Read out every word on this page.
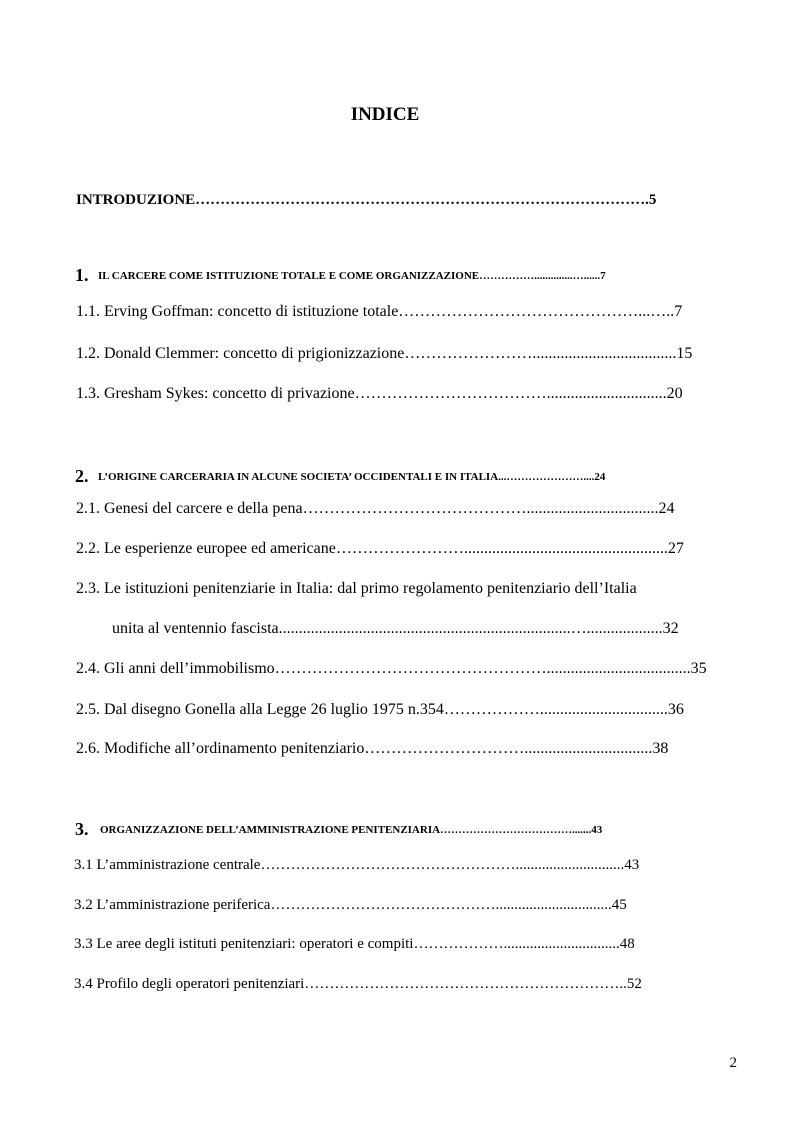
INDICE
INTRODUZIONE……………………………………………………………………………….5
1. IL CARCERE COME ISTITUZIONE TOTALE E COME ORGANIZZAZIONE……………..............…......7
1.1. Erving Goffman: concetto di istituzione totale………………………………………...…..7
1.2. Donald Clemmer: concetto di prigionizzazione……………………....................................15
1.3. Gresham Sykes: concetto di privazione………………………………..............................20
2. L’ORIGINE CARCERARIA IN ALCUNE SOCIETA’ OCCIDENTALI E IN ITALIA...…………………....24
2.1. Genesi del carcere e della pena…………………………………….................................24
2.2. Le esperienze europee ed americane……………………...................................................27
2.3. Le istituzioni penitenziarie in Italia: dal primo regolamento penitenziario dell’Italia
unita al ventennio fascista.........................................................................…...................32
2.4. Gli anni dell’immobilismo……………………………………………....................................35
2.5. Dal disegno Gonella alla Legge 26 luglio 1975 n.354………………................................36
2.6. Modifiche all’ordinamento penitenziario…………………………................................38
3. ORGANIZZAZIONE DELL’AMMINISTRAZIONE PENITENZIARIA……………………………….......43
3.1 L’amministrazione centrale…………………………………………….............................43
3.2 L’amministrazione periferica………………………………………...............................45
3.3 Le aree degli istituti penitenziari: operatori e compiti………………...............................48
3.4 Profilo degli operatori penitenziari………………………………………………………..52
2
